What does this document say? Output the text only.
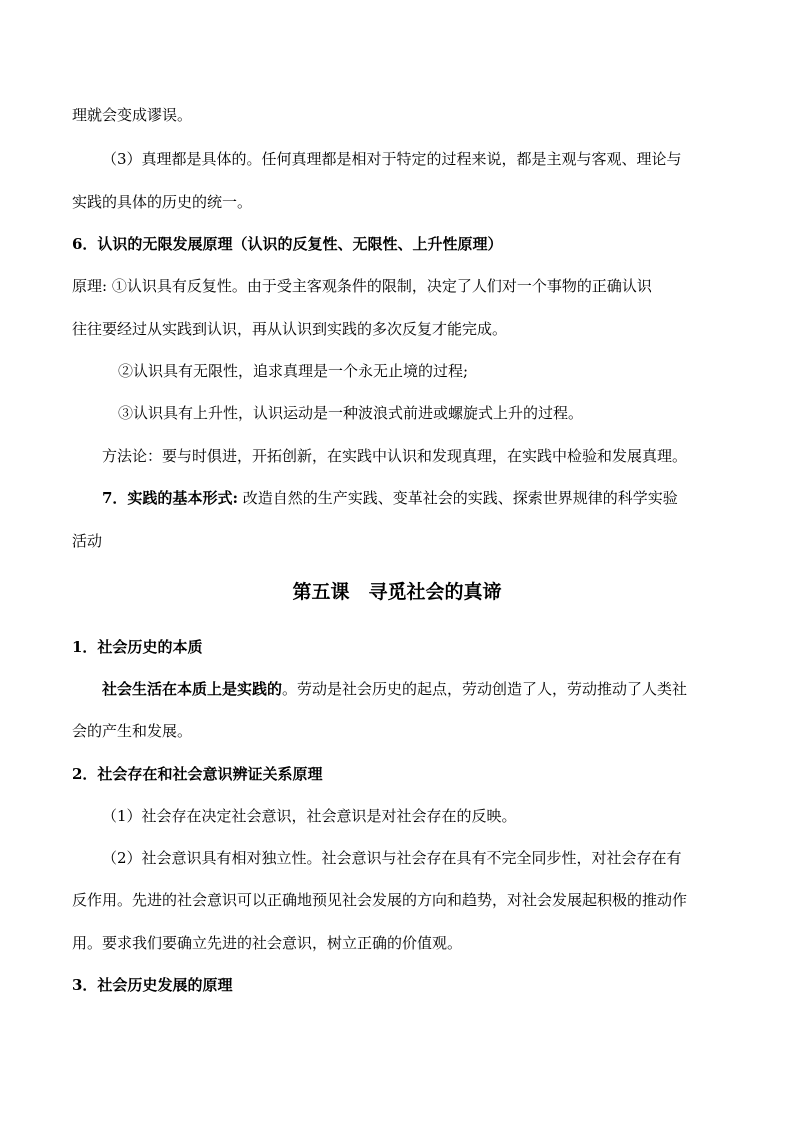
理就会变成谬误。
（3）真理都是具体的。任何真理都是相对于特定的过程来说，都是主观与客观、理论与
实践的具体的历史的统一。
6．认识的无限发展原理（认识的反复性、无限性、上升性原理）
原理: ①认识具有反复性。由于受主客观条件的限制，决定了人们对一个事物的正确认识
往往要经过从实践到认识，再从认识到实践的多次反复才能完成。
②认识具有无限性，追求真理是一个永无止境的过程;
③认识具有上升性，认识运动是一种波浪式前进或螺旋式上升的过程。
方法论：要与时俱进，开拓创新，在实践中认识和发现真理，在实践中检验和发展真理。
7．实践的基本形式: 改造自然的生产实践、变革社会的实践、探索世界规律的科学实验
活动
第五课　寻觅社会的真谛
1．社会历史的本质
社会生活在本质上是实践的。劳动是社会历史的起点，劳动创造了人，劳动推动了人类社
会的产生和发展。
2．社会存在和社会意识辨证关系原理
（1）社会存在决定社会意识，社会意识是对社会存在的反映。
（2）社会意识具有相对独立性。社会意识与社会存在具有不完全同步性，对社会存在有
反作用。先进的社会意识可以正确地预见社会发展的方向和趋势，对社会发展起积极的推动作
用。要求我们要确立先进的社会意识，树立正确的价值观。
3．社会历史发展的原理
